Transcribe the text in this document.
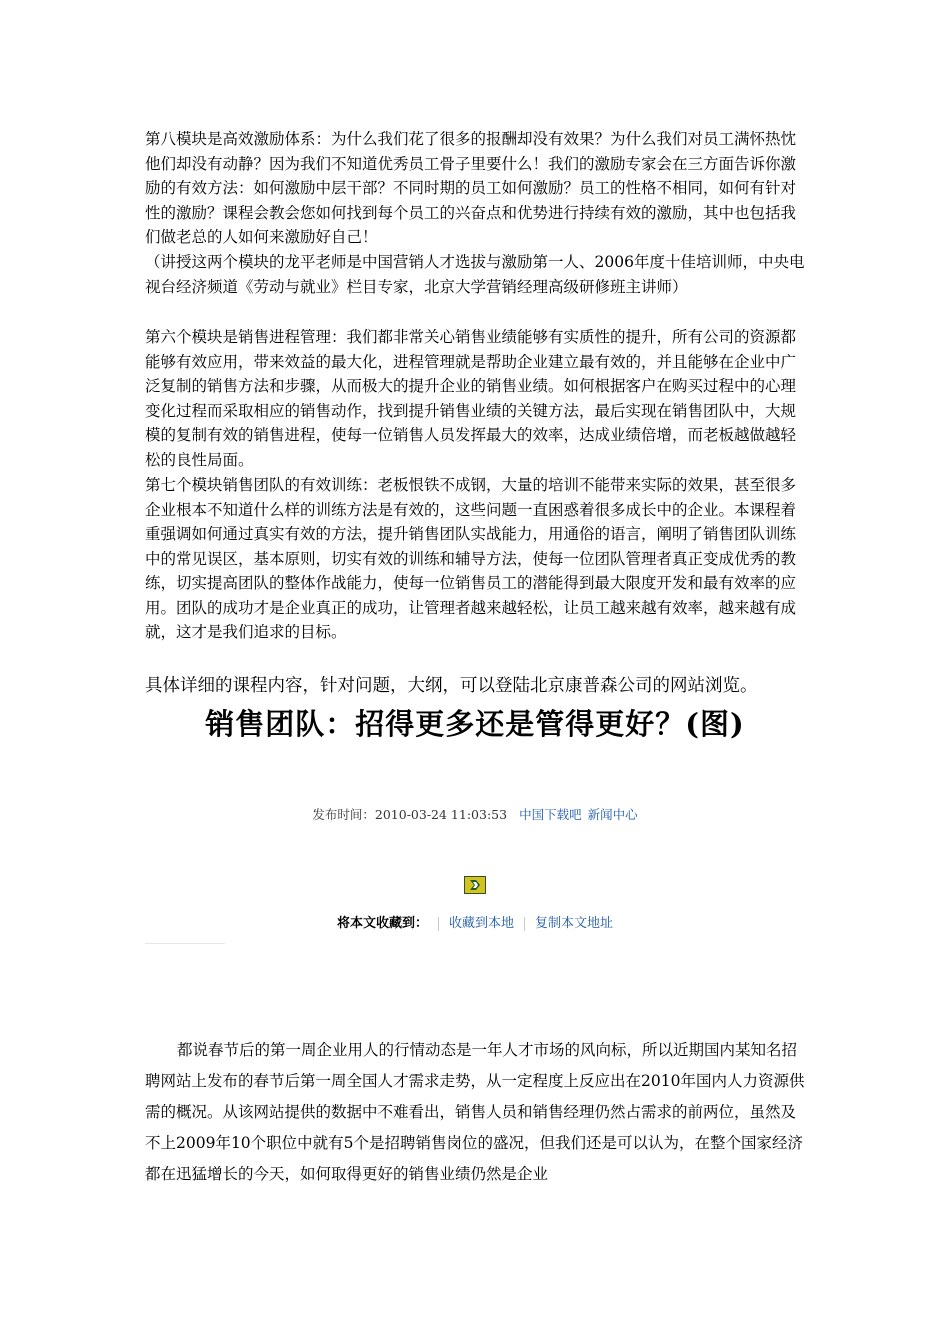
第八模块是高效激励体系：为什么我们花了很多的报酬却没有效果？为什么我们对员工满怀热忱他们却没有动静？因为我们不知道优秀员工骨子里要什么！我们的激励专家会在三方面告诉你激励的有效方法：如何激励中层干部？不同时期的员工如何激励？员工的性格不相同，如何有针对性的激励？课程会教会您如何找到每个员工的兴奋点和优势进行持续有效的激励，其中也包括我们做老总的人如何来激励好自己！

（讲授这两个模块的龙平老师是中国营销人才选拔与激励第一人、2006年度十佳培训师，中央电视台经济频道《劳动与就业》栏目专家，北京大学营销经理高级研修班主讲师）

第六个模块是销售进程管理：我们都非常关心销售业绩能够有实质性的提升，所有公司的资源都能够有效应用，带来效益的最大化，进程管理就是帮助企业建立最有效的，并且能够在企业中广泛复制的销售方法和步骤，从而极大的提升企业的销售业绩。如何根据客户在购买过程中的心理变化过程而采取相应的销售动作，找到提升销售业绩的关键方法，最后实现在销售团队中，大规模的复制有效的销售进程，使每一位销售人员发挥最大的效率，达成业绩倍增，而老板越做越轻松的良性局面。

第七个模块销售团队的有效训练：老板恨铁不成钢，大量的培训不能带来实际的效果，甚至很多企业根本不知道什么样的训练方法是有效的，这些问题一直困惑着很多成长中的企业。本课程着重强调如何通过真实有效的方法，提升销售团队实战能力，用通俗的语言，阐明了销售团队训练中的常见误区，基本原则，切实有效的训练和辅导方法，使每一位团队管理者真正变成优秀的教练，切实提高团队的整体作战能力，使每一位销售员工的潜能得到最大限度开发和最有效率的应用。团队的成功才是企业真正的成功，让管理者越来越轻松，让员工越来越有效率，越来越有成就，这才是我们追求的目标。

具体详细的课程内容，针对问题，大纲，可以登陆北京康普森公司的网站浏览。

销售团队：招得更多还是管得更好？(图)
发布时间：2010-03-24 11:03:53 中国下载吧 新闻中心
将本文收藏到： 收藏到本地 复制本文地址

都说春节后的第一周企业用人的行情动态是一年人才市场的风向标，所以近期国内某知名招聘网站上发布的春节后第一周全国人才需求走势，从一定程度上反应出在2010年国内人力资源供需的概况。从该网站提供的数据中不难看出，销售人员和销售经理仍然占需求的前两位，虽然及不上2009年10个职位中就有5个是招聘销售岗位的盛况，但我们还是可以认为，在整个国家经济都在迅猛增长的今天，如何取得更好的销售业绩仍然是企业
